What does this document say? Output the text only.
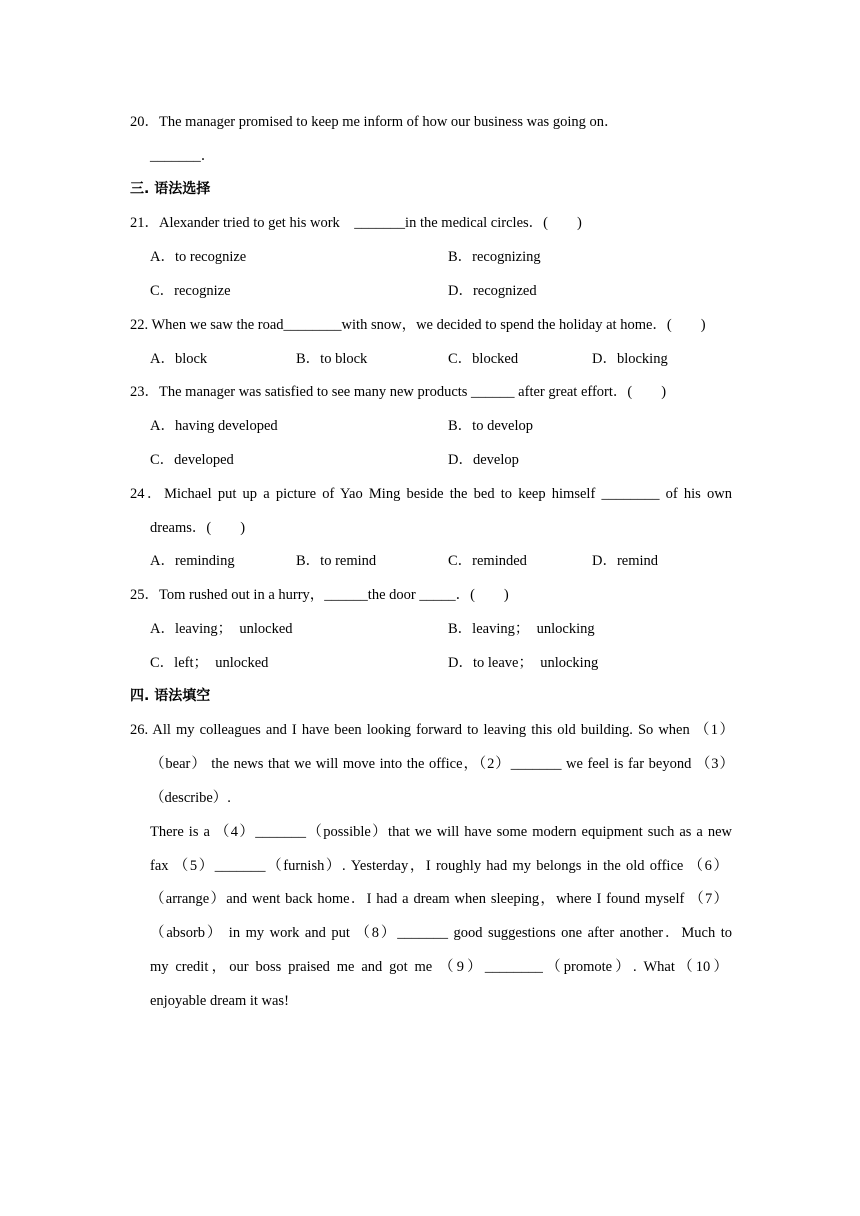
20．The manager promised to keep me inform of how our business was going on．
_______．
三. 语法选择
21．Alexander tried to get his work    _______in the medical circles．(        )
A．to recognize	B．recognizing
C．recognize	D．recognized
22. When we saw the road________with snow，we decided to spend the holiday at home．(        )
A．block	B．to block	C．blocked	D．blocking
23．The manager was satisfied to see many new products ______ after great effort．(        )
A．having developed	B．to develop
C．developed	D．develop
24．Michael put up a picture of Yao Ming beside the bed to keep himself ________ of his own
dreams．(        )
A．reminding	B．to remind	C．reminded	D．remind
25．Tom rushed out in a hurry，______the door _____．(        )
A．leaving；  unlocked	B．leaving；  unlocking
C．left；  unlocked	D．to leave；  unlocking
四. 语法填空
26. All my colleagues and I have been looking forward to leaving this old building. So when （1）
（bear） the news that we will move into the office，（2）_______ we feel is far beyond （3）
（describe）.
There is a （4）_______（possible）that we will have some modern equipment such as a new
fax （5）_______（furnish）. Yesterday，I roughly had my belongs in the old office （6）
（arrange）and went back home．I had a dream when sleeping，where I found myself （7）
（absorb） in my work and put （8）_______ good suggestions one after another．Much to
my credit，our boss praised me and got me （9）________（promote）. What（10）
enjoyable dream it was!
